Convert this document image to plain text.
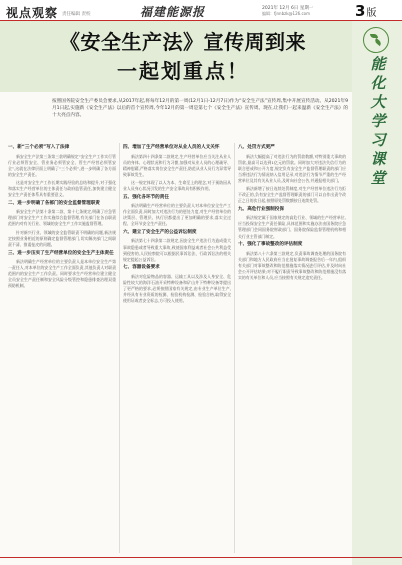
视点观察 责任编辑 责校	福建能源报	2021年 12月 6日 星期一
编辑：fjnnbzk@126.com	3版
《安全生产法》宣传周到来
一起划重点！	能
化
大
学
习
课
堂
按照国务院安全生产委员会要求,从2017年起,将每年12月的第一周(12月1日-12月7日)作为“安全生产法”宣传周,集中开展宣传活动。从2021年9月1日起,实施新《安全生产法》以后的首个宣传周,今年12月的第一周是第七个《安全生产法》宣传周。现在,让我们一起来温新《安全生产法》的十大亮点内容。
一、新“三个必须”写入了法律

新安全生产法第三条第三款明确规定“安全生产工作实行管行业必须管安全、管业务必须管安全、管生产经营必须管安全”,这就在法律层面上明确了“三个必须”,进一步明确了各方面的安全生产责任。

这是对安全生产工作长期实践经验的总结和提升,对于强化和落实生产经营单位的主体责任与政府监管责任,加快建立健全安全生产责任体系具有重要意义。

二、进一步明确了各部门的安全监督管理职责

新安全生产法第十条第二款、第十七条规定,明确了应急管理部门对安全生产工作实施综合监督管理,有关部门在各自职责范围内对有关行业、领域的安全生产工作实施监督管理。

针对新兴行业、领域的安全监管职责不明确的问题,新法规定按照业务相近的原则确定监督管理部门,切实解决部门之间职责不清、推诿扯皮的问题。

三、进一步压实了生产经营单位的安全生产主体责任

新法明确生产经营单位的主要负责人是本单位安全生产第一责任人,对本单位的安全生产工作全面负责,其他负责人对职责范围内的安全生产工作负责。同时要求生产经营单位建立健全全员安全生产责任制和安全风险分级管控和隐患排查治理双重预防机制。

四、增加了生产经营单位对从业人员的人文关怀

新法第四十四条第二款规定,生产经营单位应当关注从业人员的身体、心理状况和行为习惯,加强对从业人员的心理疏导、精神慰藉,严格落实岗位安全生产责任,防范从业人员行为异常导致事故发生。

这一规定体现了以人为本、生命至上的理念,对于预防因从业人员身心状况引发的生产安全事故具有积极作用。

五、强化各环节的责任

新法明确生产经营单位的主要负责人对本单位安全生产工作全面负责,同时加大对违法行为的惩处力度,对生产经营单位的决策层、管理层、执行层都提出了更加明确的要求,落实全过程、全环节安全生产责任。

六、建立了安全生产的公益诉讼制度

新法第七十四条第二款规定,因安全生产违法行为造成重大事故隐患或者导致重大事故,致使国家利益或者社会公共利益受到侵害的,人民检察院可以根据民事诉讼法、行政诉讼法的相关规定提起公益诉讼。

七、容器设备要求

新法对危险物品的容器、运输工具以及涉及人身安全、危险性较大的海洋石油开采特种设备和矿山井下特种设备等提出了更严格的要求,必须按照国家有关规定,由专业生产单位生产,并经具有专业资质的检测、检验机构检测、检验合格,取得安全使用证或者安全标志,方可投入使用。

八、处罚方式更严

新法大幅提高了对违法行为的罚款数额,对特别重大事故的罚款,最高可以达到1亿元的罚款。同时加大对违法失信行为的联合惩戒和公开力度,规定负有安全生产监督管理职责的部门应当将违法行为情况纳入信用记录,对违法行为情节严重的生产经营单位及其有关从业人员,及时向社会公告,并通报相关部门。

新法新增了按日连续处罚制度,对生产经营单位违法行为拒不改正的,负有安全生产监督管理职责的部门可以自作出责令改正之日的次日起,按照原处罚数额按日连续处罚。

九、高危行业强制投保

新法规定属于国家规定的高危行业、领域的生产经营单位,应当投保安全生产责任保险,具体范围和实施办法由国务院应急管理部门会同国务院财政部门、国务院保险监督管理机构和相关行业主管部门制定。

十、强化了事故整改的评估制度

新法第八十六条第三款规定,负责事故调查处理的国务院有关部门和地方人民政府应当在批复事故调查报告后一年内,组织有关部门对事故整改和防范措施落实情况进行评估,并及时向社会公开评估结果;对不履行职责导致事故整改和防范措施没有落实的有关单位和人员,应当按照有关规定追究责任。
